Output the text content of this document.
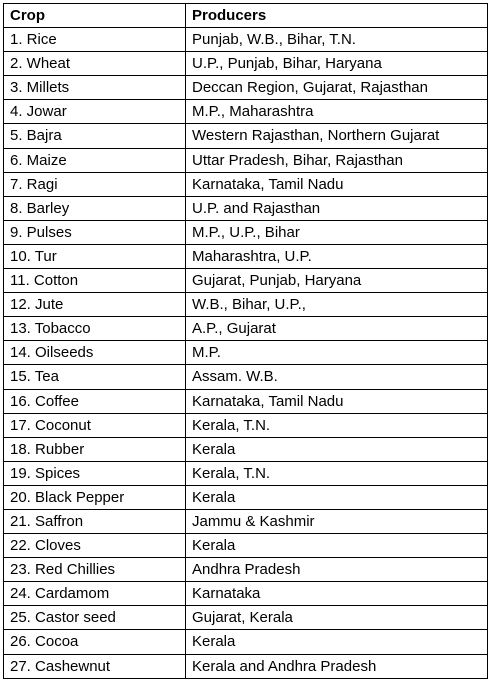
Crop	Producers
1. Rice	Punjab, W.B., Bihar, T.N.
2. Wheat	U.P., Punjab, Bihar, Haryana
3. Millets	Deccan Region, Gujarat, Rajasthan
4. Jowar	M.P., Maharashtra
5. Bajra	Western Rajasthan, Northern Gujarat
6. Maize	Uttar Pradesh, Bihar, Rajasthan
7. Ragi	Karnataka, Tamil Nadu
8. Barley	U.P. and Rajasthan
9. Pulses	M.P., U.P., Bihar
10. Tur	Maharashtra, U.P.
11. Cotton	Gujarat, Punjab, Haryana
12. Jute	W.B., Bihar, U.P.,
13. Tobacco	A.P., Gujarat
14. Oilseeds	M.P.
15. Tea	Assam. W.B.
16. Coffee	Karnataka, Tamil Nadu
17. Coconut	Kerala, T.N.
18. Rubber	Kerala
19. Spices	Kerala, T.N.
20. Black Pepper	Kerala
21. Saffron	Jammu & Kashmir
22. Cloves	Kerala
23. Red Chillies	Andhra Pradesh
24. Cardamom	Karnataka
25. Castor seed	Gujarat, Kerala
26. Cocoa	Kerala
27. Cashewnut	Kerala and Andhra Pradesh
